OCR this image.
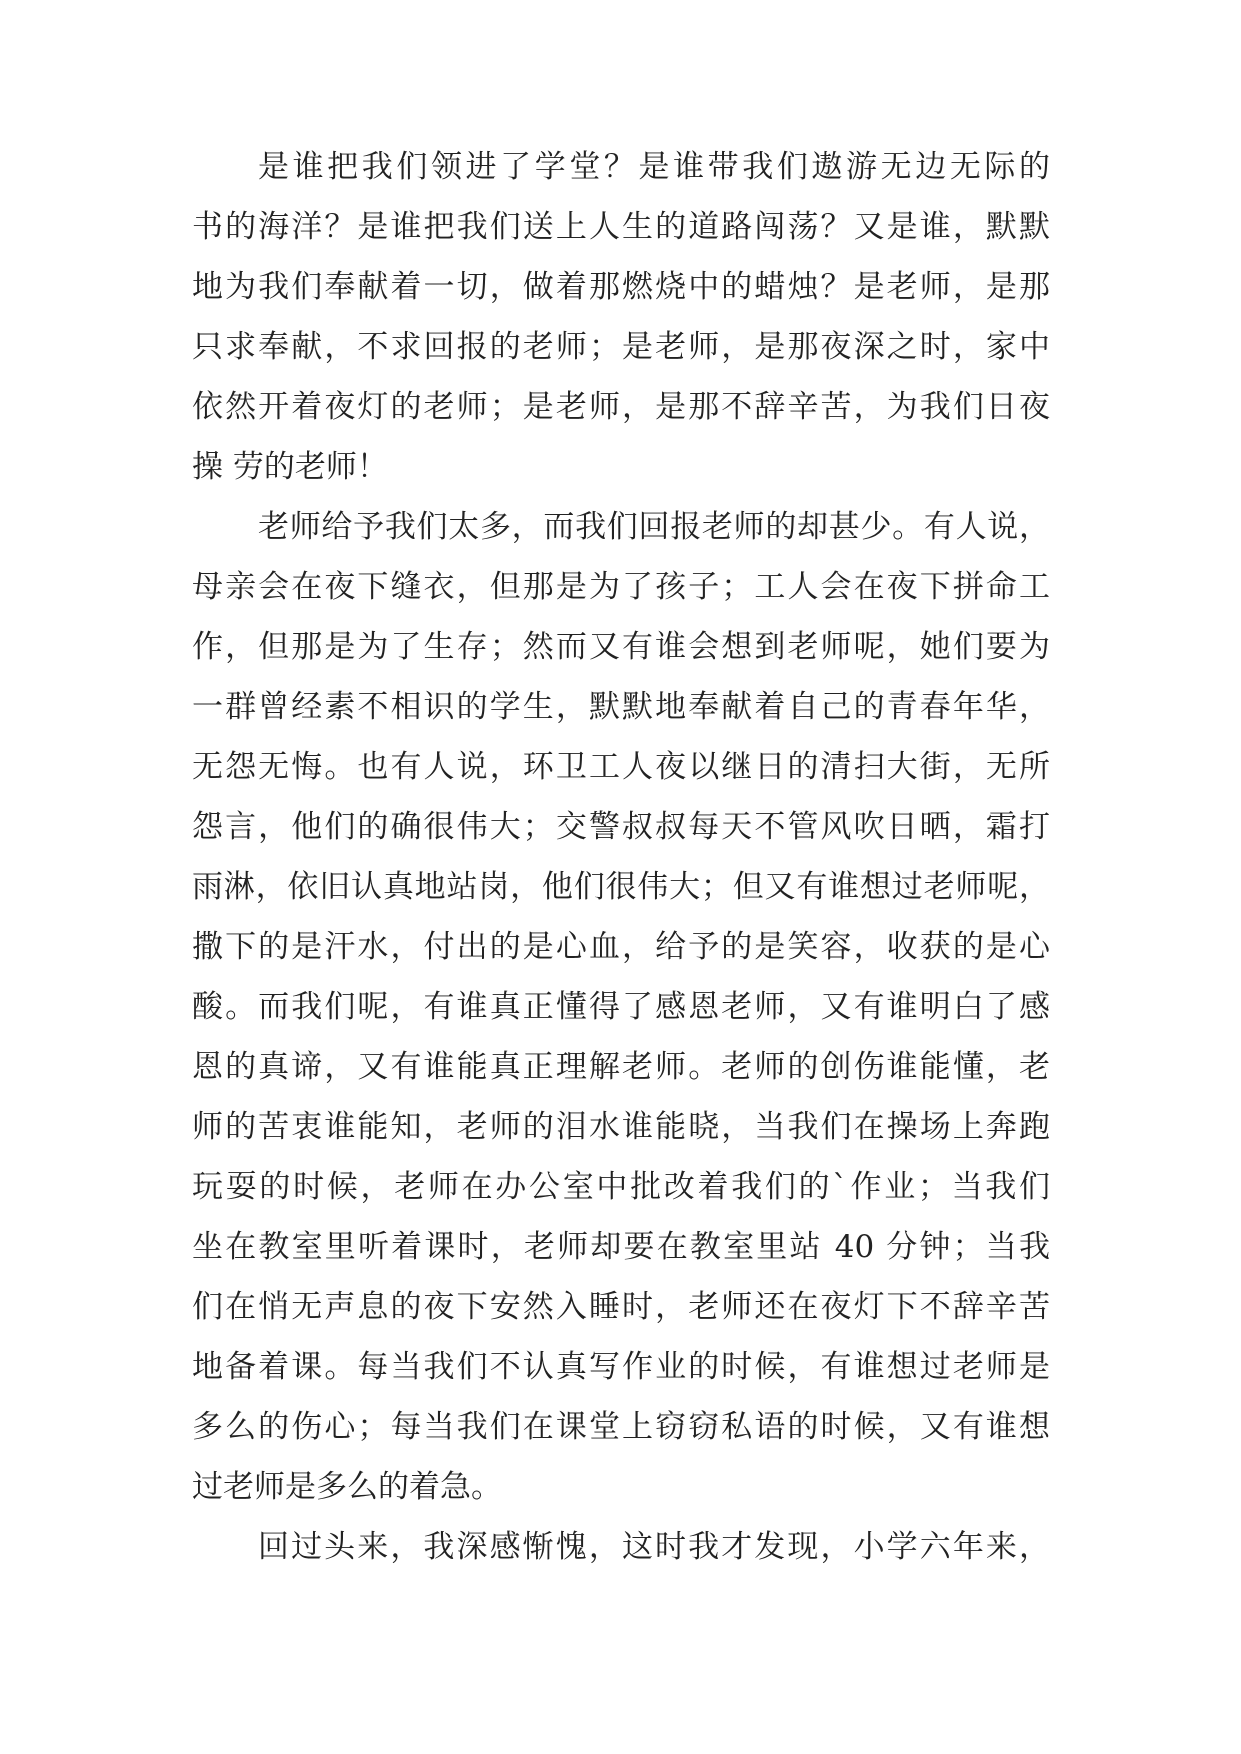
是谁把我们领进了学堂？是谁带我们遨游无边无际的
书的海洋？是谁把我们送上人生的道路闯荡？又是谁，默默
地为我们奉献着一切，做着那燃烧中的蜡烛？是老师，是那
只求奉献，不求回报的老师；是老师，是那夜深之时，家中
依然开着夜灯的老师；是老师，是那不辞辛苦，为我们日夜
操 劳的老师！
老师给予我们太多，而我们回报老师的却甚少。有人说，
母亲会在夜下缝衣，但那是为了孩子；工人会在夜下拼命工
作，但那是为了生存；然而又有谁会想到老师呢，她们要为
一群曾经素不相识的学生，默默地奉献着自己的青春年华，
无怨无悔。也有人说，环卫工人夜以继日的清扫大街，无所
怨言，他们的确很伟大；交警叔叔每天不管风吹日晒，霜打
雨淋，依旧认真地站岗，他们很伟大；但又有谁想过老师呢，
撒下的是汗水，付出的是心血，给予的是笑容，收获的是心
酸。而我们呢，有谁真正懂得了感恩老师，又有谁明白了感
恩的真谛，又有谁能真正理解老师。老师的创伤谁能懂，老
师的苦衷谁能知，老师的泪水谁能晓，当我们在操场上奔跑
玩耍的时候，老师在办公室中批改着我们的`作业；当我们
坐在教室里听着课时，老师却要在教室里站 40 分钟；当我
们在悄无声息的夜下安然入睡时，老师还在夜灯下不辞辛苦
地备着课。每当我们不认真写作业的时候，有谁想过老师是
多么的伤心；每当我们在课堂上窃窃私语的时候，又有谁想
过老师是多么的着急。
回过头来，我深感惭愧，这时我才发现，小学六年来，
